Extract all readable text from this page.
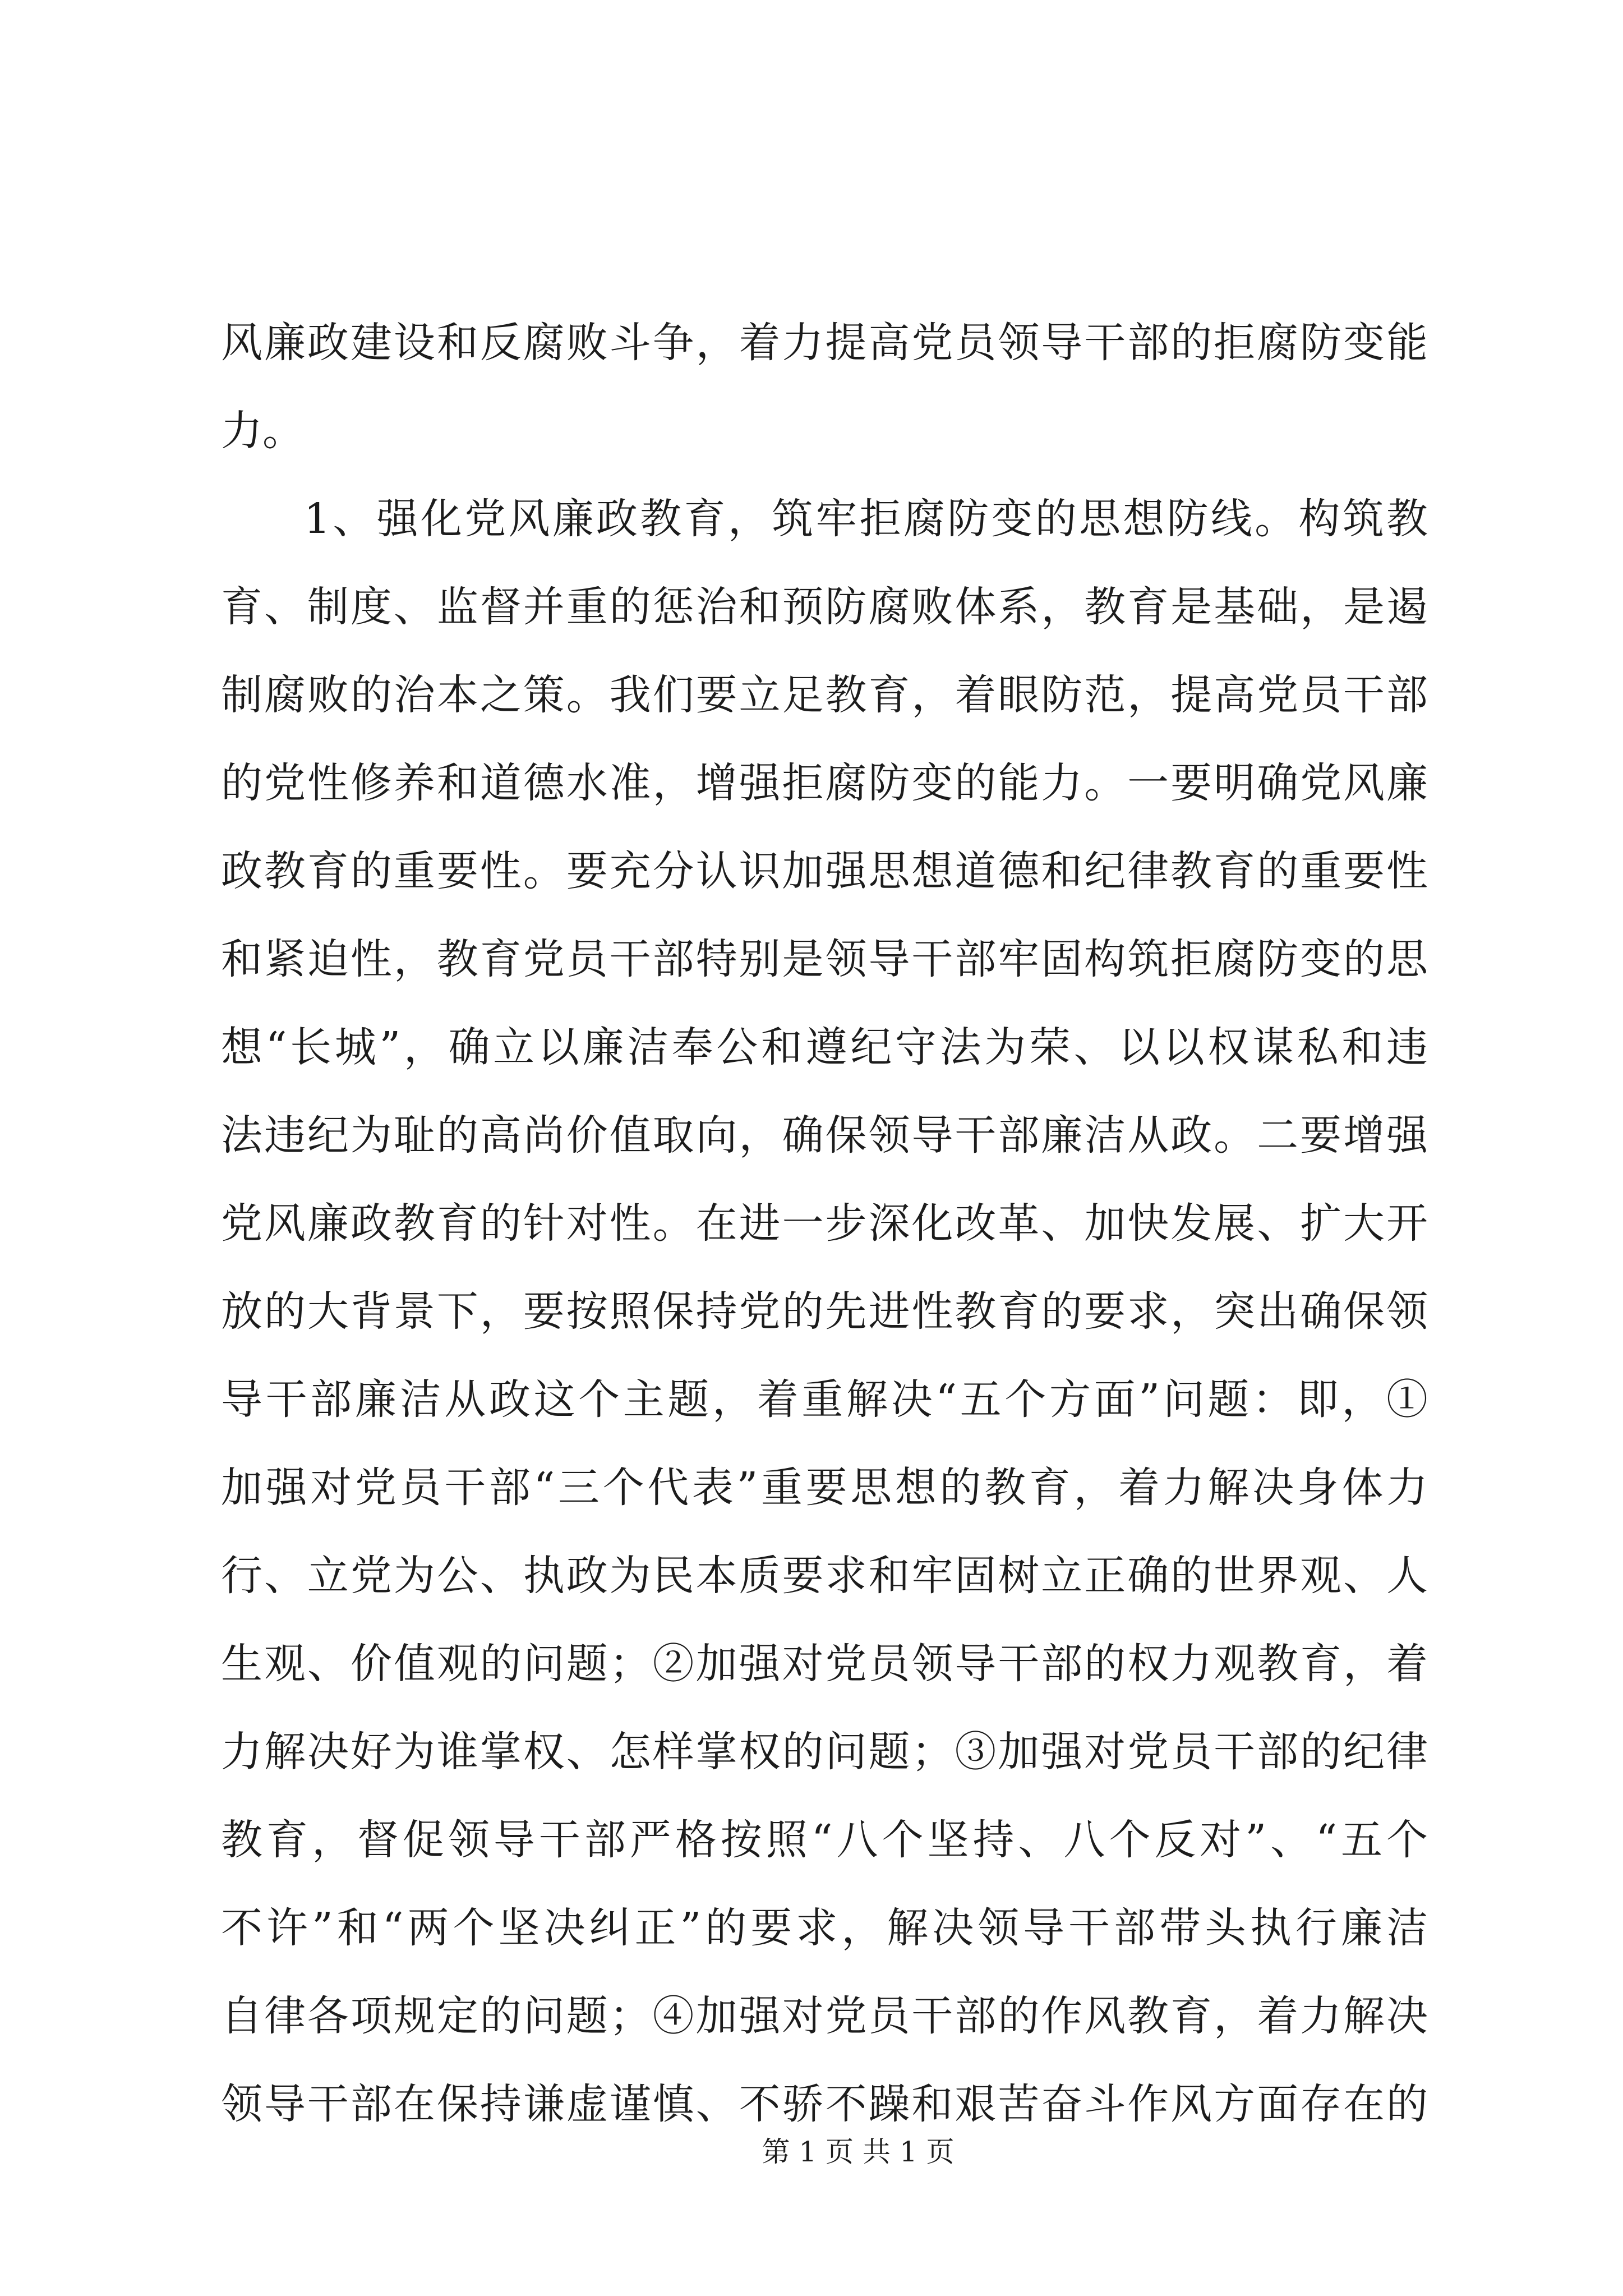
风廉政建设和反腐败斗争，着力提高党员领导干部的拒腐防变能
力。
1、强化党风廉政教育，筑牢拒腐防变的思想防线。构筑教
育、制度、监督并重的惩治和预防腐败体系，教育是基础，是遏
制腐败的治本之策。我们要立足教育，着眼防范，提高党员干部
的党性修养和道德水准，增强拒腐防变的能力。一要明确党风廉
政教育的重要性。要充分认识加强思想道德和纪律教育的重要性
和紧迫性，教育党员干部特别是领导干部牢固构筑拒腐防变的思
想“长城”，确立以廉洁奉公和遵纪守法为荣、以以权谋私和违
法违纪为耻的高尚价值取向，确保领导干部廉洁从政。二要增强
党风廉政教育的针对性。在进一步深化改革、加快发展、扩大开
放的大背景下，要按照保持党的先进性教育的要求，突出确保领
导干部廉洁从政这个主题，着重解决“五个方面”问题：即，①
加强对党员干部“三个代表”重要思想的教育，着力解决身体力
行、立党为公、执政为民本质要求和牢固树立正确的世界观、人
生观、价值观的问题；②加强对党员领导干部的权力观教育，着
力解决好为谁掌权、怎样掌权的问题；③加强对党员干部的纪律
教育，督促领导干部严格按照“八个坚持、八个反对”、“五个
不许”和“两个坚决纠正”的要求，解决领导干部带头执行廉洁
自律各项规定的问题；④加强对党员干部的作风教育，着力解决
领导干部在保持谦虚谨慎、不骄不躁和艰苦奋斗作风方面存在的
第 1 页 共 1 页
